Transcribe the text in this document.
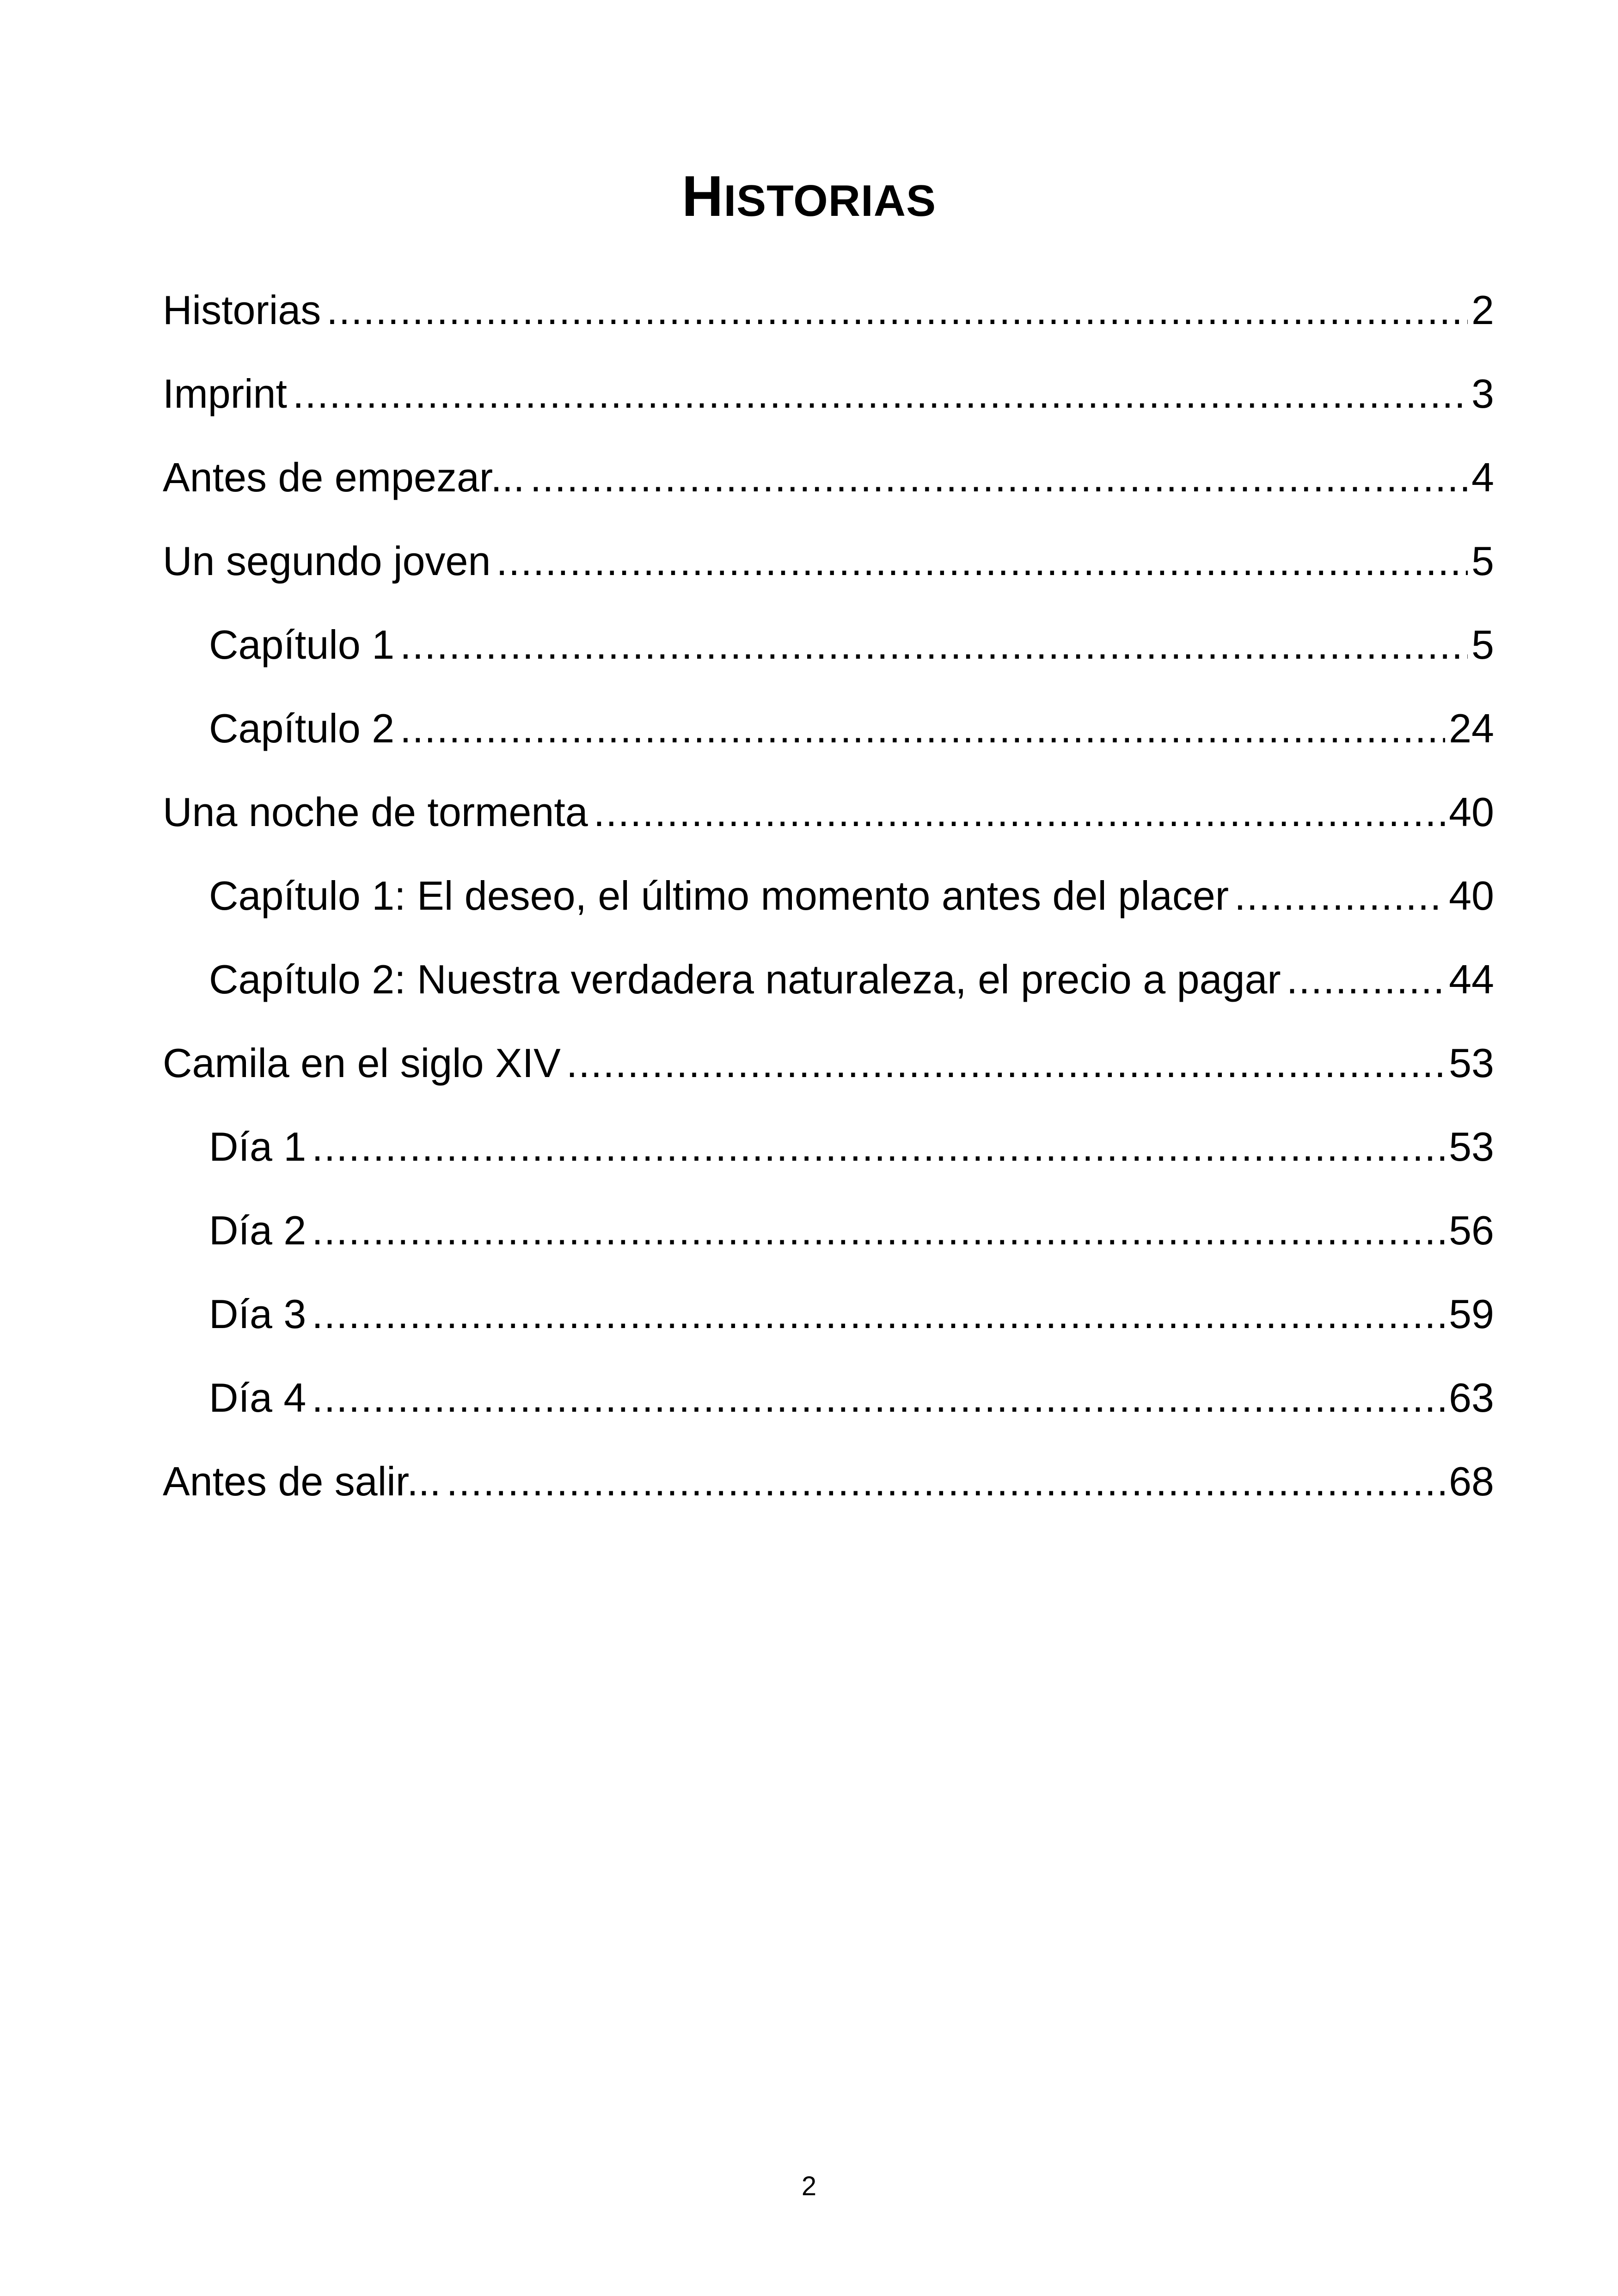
HISTORIAS
Historias .....	2
Imprint .....	3
Antes de empezar... .....	4
Un segundo joven .....	5
Capítulo 1 .....	5
Capítulo 2 .....	24
Una noche de tormenta .....	40
Capítulo 1: El deseo, el último momento antes del placer .....	40
Capítulo 2: Nuestra verdadera naturaleza, el precio a pagar .....	44
Camila en el siglo XIV .....	53
Día 1 .....	53
Día 2 .....	56
Día 3 .....	59
Día 4 .....	63
Antes de salir... .....	68
2
